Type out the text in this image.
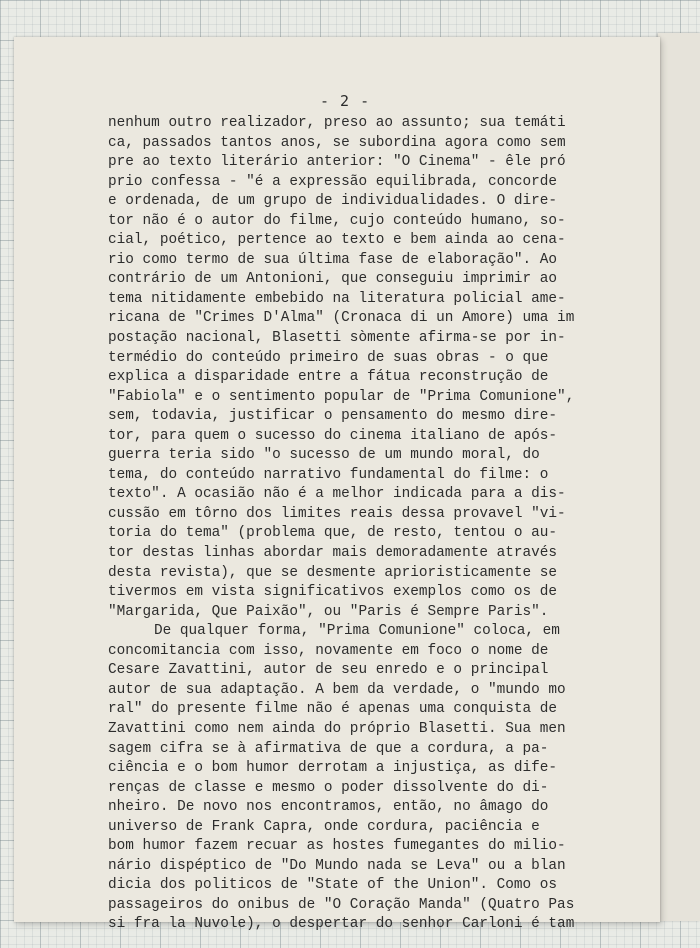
- 2 -
nenhum outro realizador, preso ao assunto; sua temáti
ca, passados tantos anos, se subordina agora como sem
pre ao texto literário anterior: "O Cinema" - êle pró
prio confessa - "é a expressão equilibrada, concorde
e ordenada, de um grupo de individualidades. O dire-
tor não é o autor do filme, cujo conteúdo humano, so-
cial, poético, pertence ao texto e bem ainda ao cena-
rio como termo de sua última fase de elaboração". Ao
contrário de um Antonioni, que conseguiu imprimir ao
tema nitidamente embebido na literatura policial ame-
ricana de "Crimes D'Alma" (Cronaca di un Amore) uma im
postação nacional, Blasetti sòmente afirma-se por in-
termédio do conteúdo primeiro de suas obras - o que
explica a disparidade entre a fátua reconstrução de
"Fabiola" e o sentimento popular de "Prima Comunione",
sem, todavia, justificar o pensamento do mesmo dire-
tor, para quem o sucesso do cinema italiano de após-
guerra teria sido "o sucesso de um mundo moral, do
tema, do conteúdo narrativo fundamental do filme: o
texto". A ocasião não é a melhor indicada para a dis-
cussão em tôrno dos limites reais dessa provavel "vi-
toria do tema" (problema que, de resto, tentou o au-
tor destas linhas abordar mais demoradamente através
desta revista), que se desmente aprioristicamente se
tivermos em vista significativos exemplos como os de
"Margarida, Que Paixão", ou "Paris é Sempre Paris".
De qualquer forma, "Prima Comunione" coloca, em
concomitancia com isso, novamente em foco o nome de
Cesare Zavattini, autor de seu enredo e o principal
autor de sua adaptação. A bem da verdade, o "mundo mo
ral" do presente filme não é apenas uma conquista de
Zavattini como nem ainda do próprio Blasetti. Sua men
sagem cifra se à afirmativa de que a cordura, a pa-
ciência e o bom humor derrotam a injustiça, as dife-
renças de classe e mesmo o poder dissolvente do di-
nheiro. De novo nos encontramos, então, no âmago do
universo de Frank Capra, onde cordura, paciência e
bom humor fazem recuar as hostes fumegantes do milio-
nário dispéptico de "Do Mundo nada se Leva" ou a blan
dicia dos politicos de "State of the Union". Como os
passageiros do onibus de "O Coração Manda" (Quatro Pas
si fra la Nuvole), o despertar do senhor Carloni é tam
